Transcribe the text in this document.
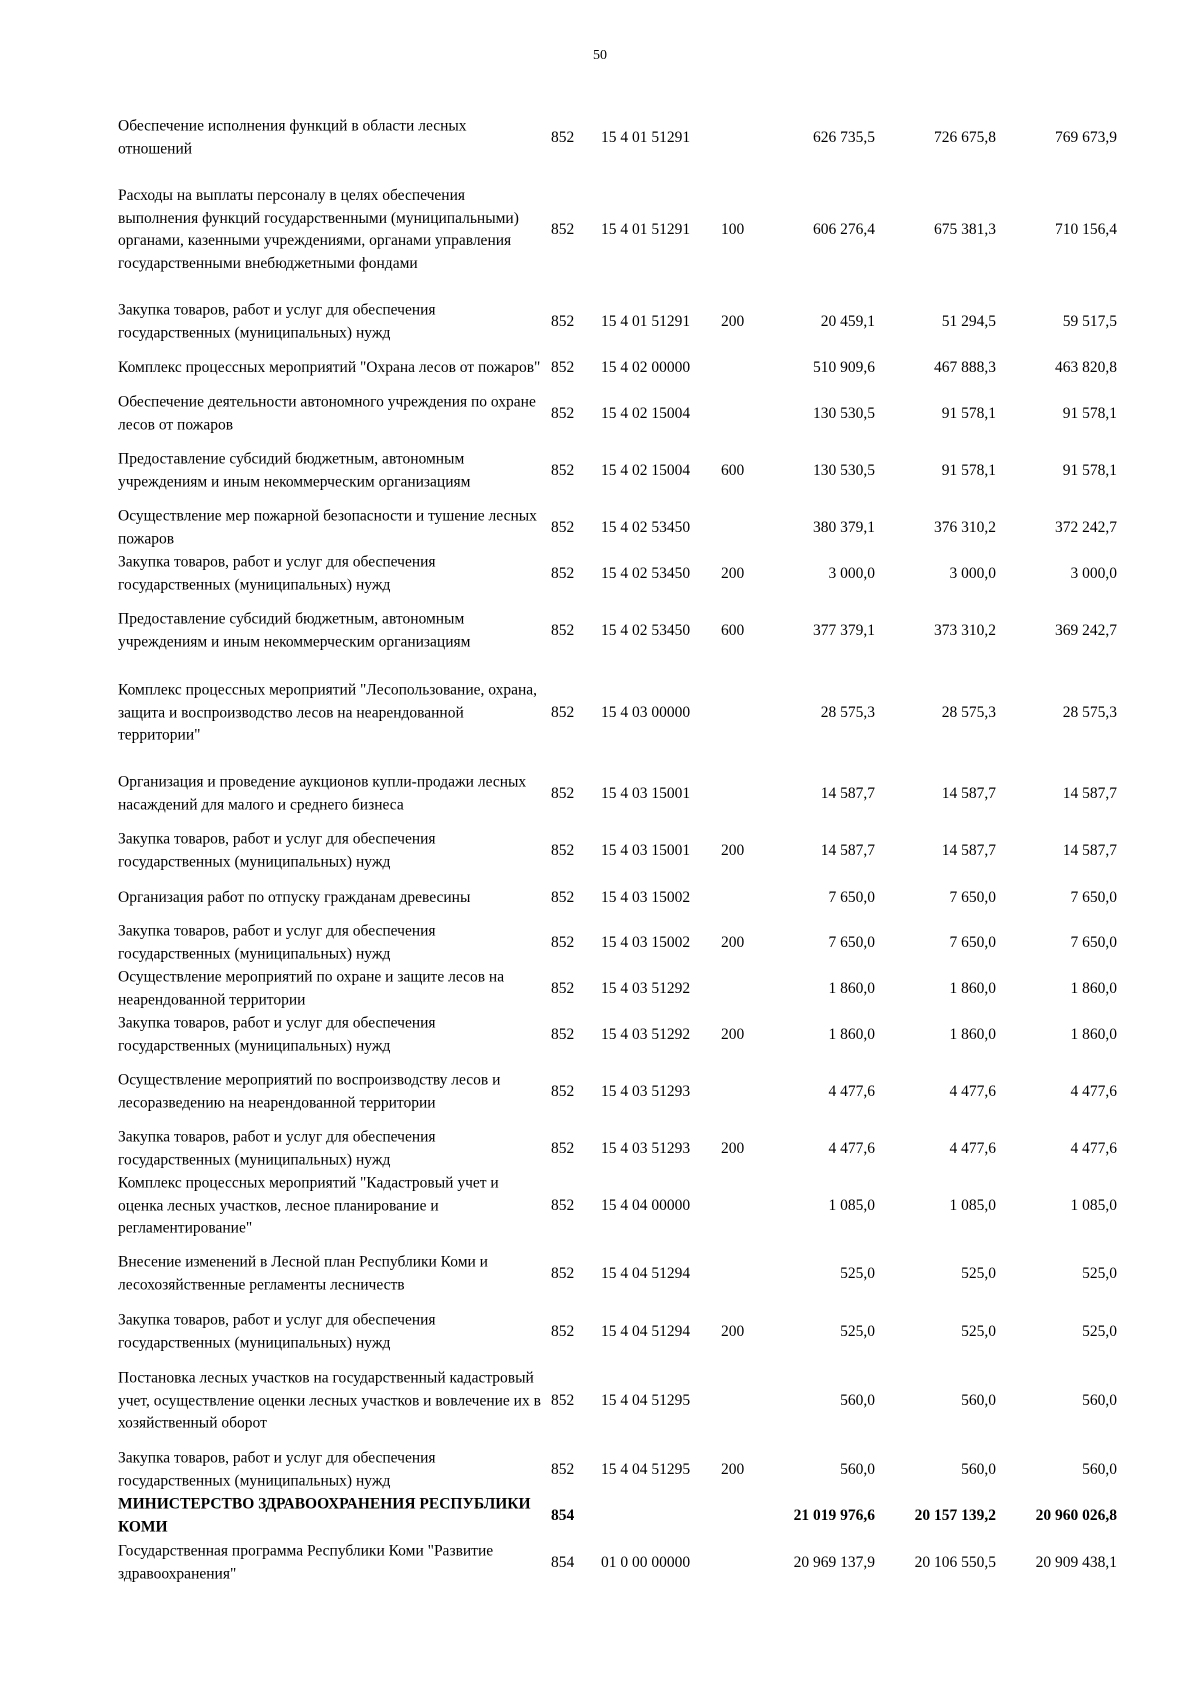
50
Обеспечение исполнения функций в области лесных отношений
852 15 4 01 51291	626 735,5	726 675,8	769 673,9
Расходы на выплаты персоналу в целях обеспечения выполнения функций государственными (муниципальными) органами, казенными учреждениями, органами управления государственными внебюджетными фондами
852 15 4 01 51291 100	606 276,4	675 381,3	710 156,4
Закупка товаров, работ и услуг для обеспечения государственных (муниципальных) нужд
852 15 4 01 51291 200	20 459,1	51 294,5	59 517,5
Комплекс процессных мероприятий "Охрана лесов от пожаров" 852 15 4 02 00000	510 909,6	467 888,3	463 820,8
Обеспечение деятельности автономного учреждения по охране лесов от пожаров
852 15 4 02 15004	130 530,5	91 578,1	91 578,1
Предоставление субсидий бюджетным, автономным учреждениям и иным некоммерческим организациям
852 15 4 02 15004 600	130 530,5	91 578,1	91 578,1
Осуществление мер пожарной безопасности и тушение лесных пожаров
852 15 4 02 53450	380 379,1	376 310,2	372 242,7
Закупка товаров, работ и услуг для обеспечения государственных (муниципальных) нужд
852 15 4 02 53450 200	3 000,0	3 000,0	3 000,0
Предоставление субсидий бюджетным, автономным учреждениям и иным некоммерческим организациям
852 15 4 02 53450 600	377 379,1	373 310,2	369 242,7
Комплекс процессных мероприятий "Лесопользование, охрана, защита и воспроизводство лесов на неарендованной территории"
852 15 4 03 00000	28 575,3	28 575,3	28 575,3
Организация и проведение аукционов купли-продажи лесных насаждений для малого и среднего бизнеса
852 15 4 03 15001	14 587,7	14 587,7	14 587,7
Закупка товаров, работ и услуг для обеспечения государственных (муниципальных) нужд
852 15 4 03 15001 200	14 587,7	14 587,7	14 587,7
Организация работ по отпуску гражданам древесины	852 15 4 03 15002	7 650,0	7 650,0	7 650,0
Закупка товаров, работ и услуг для обеспечения государственных (муниципальных) нужд
852 15 4 03 15002 200	7 650,0	7 650,0	7 650,0
Осуществление мероприятий по охране и защите лесов на неарендованной территории
852 15 4 03 51292	1 860,0	1 860,0	1 860,0
Закупка товаров, работ и услуг для обеспечения государственных (муниципальных) нужд
852 15 4 03 51292 200	1 860,0	1 860,0	1 860,0
Осуществление мероприятий по воспроизводству лесов и лесоразведению на неарендованной территории
852 15 4 03 51293	4 477,6	4 477,6	4 477,6
Закупка товаров, работ и услуг для обеспечения государственных (муниципальных) нужд
852 15 4 03 51293 200	4 477,6	4 477,6	4 477,6
Комплекс процессных мероприятий "Кадастровый учет и оценка лесных участков, лесное планирование и регламентирование"
852 15 4 04 00000	1 085,0	1 085,0	1 085,0
Внесение изменений в Лесной план Республики Коми и лесохозяйственные регламенты лесничеств
852 15 4 04 51294	525,0	525,0	525,0
Закупка товаров, работ и услуг для обеспечения государственных (муниципальных) нужд
852 15 4 04 51294 200	525,0	525,0	525,0
Постановка лесных участков на государственный кадастровый учет, осуществление оценки лесных участков и вовлечение их в хозяйственный оборот
852 15 4 04 51295	560,0	560,0	560,0
Закупка товаров, работ и услуг для обеспечения государственных (муниципальных) нужд
852 15 4 04 51295 200	560,0	560,0	560,0
МИНИСТЕРСТВО ЗДРАВООХРАНЕНИЯ РЕСПУБЛИКИ КОМИ
854	21 019 976,6	20 157 139,2	20 960 026,8
Государственная программа Республики Коми "Развитие здравоохранения"
854 01 0 00 00000	20 969 137,9	20 106 550,5	20 909 438,1
